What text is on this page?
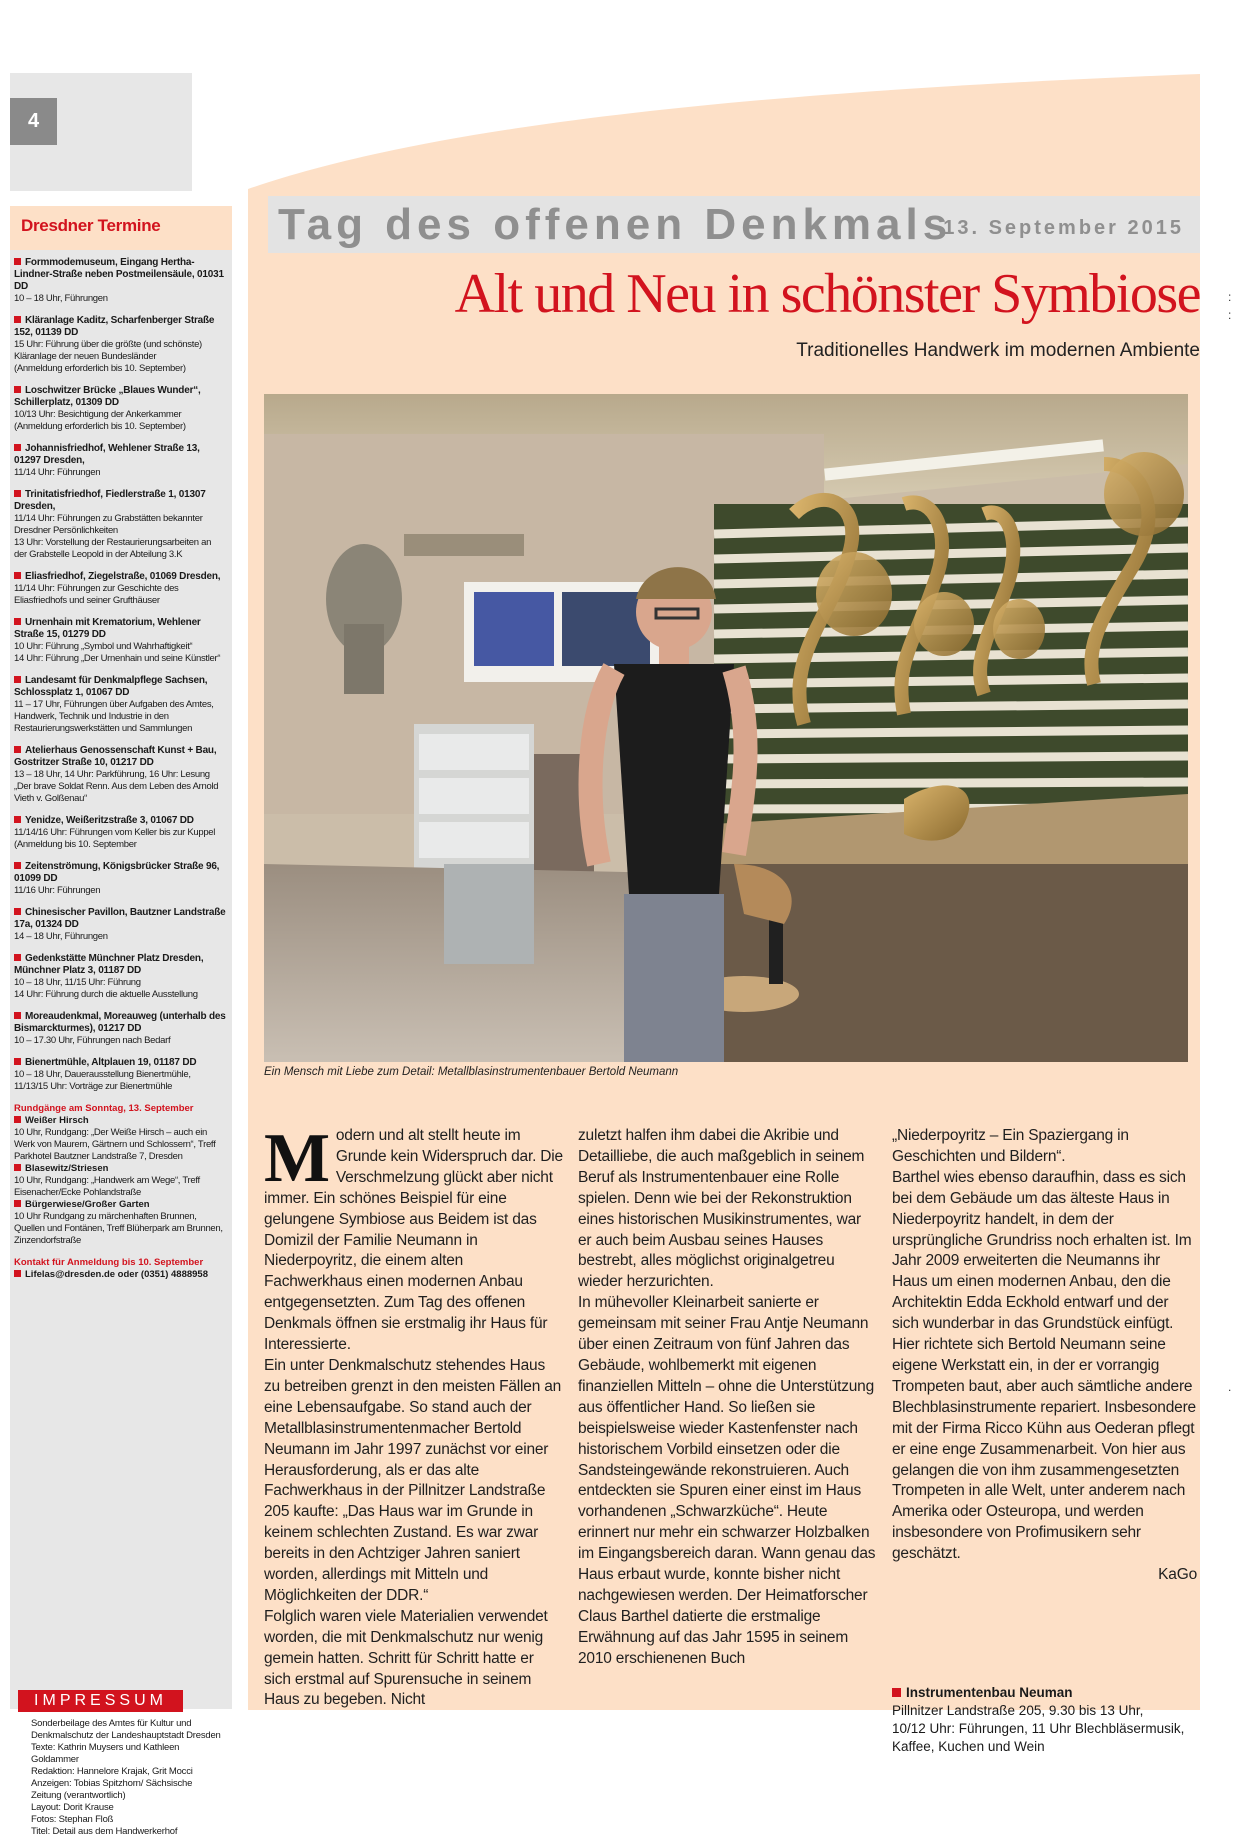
4
Dresdner Termine
Formmodemuseum, Eingang Hertha-Lindner-Straße neben Postmeilensäule, 01031 DD
10 – 18 Uhr, Führungen
Kläranlage Kaditz, Scharfenberger Straße 152, 01139 DD
15 Uhr: Führung über die größte (und schönste) Kläranlage der neuen Bundesländer
(Anmeldung erforderlich bis 10. September)
Loschwitzer Brücke „Blaues Wunder“, Schillerplatz, 01309 DD
10/13 Uhr: Besichtigung der Ankerkammer
(Anmeldung erforderlich bis 10. September)
Johannisfriedhof, Wehlener Straße 13, 01297 Dresden,
11/14 Uhr: Führungen
Trinitatisfriedhof, Fiedlerstraße 1, 01307 Dresden,
11/14 Uhr: Führungen zu Grabstätten bekannter Dresdner Persönlichkeiten
13 Uhr: Vorstellung der Restaurierungsarbeiten an der Grabstelle Leopold in der Abteilung 3.K
Eliasfriedhof, Ziegelstraße, 01069 Dresden,
11/14 Uhr: Führungen zur Geschichte des Eliasfriedhofs und seiner Grufthäuser
Urnenhain mit Krematorium, Wehlener Straße 15, 01279 DD
10 Uhr: Führung „Symbol und Wahrhaftigkeit“
14 Uhr: Führung „Der Urnenhain und seine Künstler“
Landesamt für Denkmalpflege Sachsen, Schlossplatz 1, 01067 DD
11 – 17 Uhr, Führungen über Aufgaben des Amtes, Handwerk, Technik und Industrie in den Restaurierungswerkstätten und Sammlungen
Atelierhaus Genossenschaft Kunst + Bau, Gostritzer Straße 10, 01217 DD
13 – 18 Uhr, 14 Uhr: Parkführung, 16 Uhr: Lesung „Der brave Soldat Renn. Aus dem Leben des Arnold Vieth v. Golßenau“
Yenidze, Weißeritzstraße 3, 01067 DD
11/14/16 Uhr: Führungen vom Keller bis zur Kuppel (Anmeldung bis 10. September
Zeitenströmung, Königsbrücker Straße 96, 01099 DD
11/16 Uhr: Führungen
Chinesischer Pavillon, Bautzner Landstraße 17a, 01324 DD
14 – 18 Uhr, Führungen
Gedenkstätte Münchner Platz Dresden, Münchner Platz 3, 01187 DD
10 – 18 Uhr, 11/15 Uhr: Führung
14 Uhr: Führung durch die aktuelle Ausstellung
Moreaudenkmal, Moreauweg (unterhalb des Bismarckturmes), 01217 DD
10 – 17.30 Uhr, Führungen nach Bedarf
Bienertmühle, Altplauen 19, 01187 DD
10 – 18 Uhr, Dauerausstellung Bienertmühle, 11/13/15 Uhr: Vorträge zur Bienertmühle
Rundgänge am Sonntag, 13. September
Weißer Hirsch
10 Uhr, Rundgang: „Der Weiße Hirsch – auch ein Werk von Maurern, Gärtnern und Schlossern“, Treff Parkhotel Bautzner Landstraße 7, Dresden
Blasewitz/Striesen
10 Uhr, Rundgang: „Handwerk am Wege“, Treff Eisenacher/Ecke Pohlandstraße
Bürgerwiese/Großer Garten
10 Uhr Rundgang zu märchenhaften Brunnen, Quellen und Fontänen, Treff Blüherpark am Brunnen, Zinzendorfstraße
Kontakt für Anmeldung bis 10. September
Lifelas@dresden.de oder (0351) 4888958
IMPRESSUM
Sonderbeilage des Amtes für Kultur und Denkmalschutz der Landeshauptstadt Dresden
Texte: Kathrin Muysers und Kathleen Goldammer
Redaktion: Hannelore Krajak, Grit Mocci
Anzeigen: Tobias Spitzhorn/ Sächsische Zeitung (verantwortlich)
Layout: Dorit Krause
Fotos: Stephan Floß
Titel: Detail aus dem Handwerkerhof
Tag des offenen Denkmals
13. September 2015
Alt und Neu in schönster Symbiose
Traditionelles Handwerk im modernen Ambiente
Ein Mensch mit Liebe zum Detail: Metallblasinstrumentenbauer Bertold Neumann
Modern und alt stellt heute im Grunde kein Widerspruch dar. Die Verschmelzung glückt aber nicht immer. Ein schönes Beispiel für eine gelungene Symbiose aus Beidem ist das Domizil der Familie Neumann in Niederpoyritz, die einem alten Fachwerkhaus einen modernen Anbau entgegensetzten. Zum Tag des offenen Denkmals öffnen sie erstmalig ihr Haus für Interessierte.
Ein unter Denkmalschutz stehendes Haus zu betreiben grenzt in den meisten Fällen an eine Lebensaufgabe. So stand auch der Metallblasinstrumentenmacher Bertold Neumann im Jahr 1997 zunächst vor einer Herausforderung, als er das alte Fachwerkhaus in der Pillnitzer Landstraße 205 kaufte: „Das Haus war im Grunde in keinem schlechten Zustand. Es war zwar bereits in den Achtziger Jahren saniert worden, allerdings mit Mitteln und Möglichkeiten der DDR.“
Folglich waren viele Materialien verwendet worden, die mit Denkmalschutz nur wenig gemein hatten. Schritt für Schritt hatte er sich erstmal auf Spurensuche in seinem Haus zu begeben. Nicht
zuletzt halfen ihm dabei die Akribie und Detailliebe, die auch maßgeblich in seinem Beruf als Instrumentenbauer eine Rolle spielen. Denn wie bei der Rekonstruktion eines historischen Musikinstrumentes, war er auch beim Ausbau seines Hauses bestrebt, alles möglichst originalgetreu wieder herzurichten.
In mühevoller Kleinarbeit sanierte er gemeinsam mit seiner Frau Antje Neumann über einen Zeitraum von fünf Jahren das Gebäude, wohlbemerkt mit eigenen finanziellen Mitteln – ohne die Unterstützung aus öffentlicher Hand. So ließen sie beispielsweise wieder Kastenfenster nach historischem Vorbild einsetzen oder die Sandsteingewände rekonstruieren. Auch entdeckten sie Spuren einer einst im Haus vorhandenen „Schwarzküche“. Heute erinnert nur mehr ein schwarzer Holzbalken im Eingangsbereich daran. Wann genau das Haus erbaut wurde, konnte bisher nicht nachgewiesen werden. Der Heimatforscher Claus Barthel datierte die erstmalige Erwähnung auf das Jahr 1595 in seinem 2010 erschienenen Buch
„Niederpoyritz – Ein Spaziergang in Geschichten und Bildern“.
Barthel wies ebenso daraufhin, dass es sich bei dem Gebäude um das älteste Haus in Niederpoyritz handelt, in dem der ursprüngliche Grundriss noch erhalten ist. Im Jahr 2009 erweiterten die Neumanns ihr Haus um einen modernen Anbau, den die Architektin Edda Eckhold entwarf und der sich wunderbar in das Grundstück einfügt. Hier richtete sich Bertold Neumann seine eigene Werkstatt ein, in der er vorrangig Trompeten baut, aber auch sämtliche andere Blechblasinstrumente repariert. Insbesondere mit der Firma Ricco Kühn aus Oederan pflegt er eine enge Zusammenarbeit. Von hier aus gelangen die von ihm zusammengesetzten Trompeten in alle Welt, unter anderem nach Amerika oder Osteuropa, und werden insbesondere von Profimusikern sehr geschätzt.
KaGo
Instrumentenbau Neuman
Pillnitzer Landstraße 205, 9.30 bis 13 Uhr,
10/12 Uhr: Führungen, 11 Uhr Blechbläsermusik,
Kaffee, Kuchen und Wein
:
:
.
